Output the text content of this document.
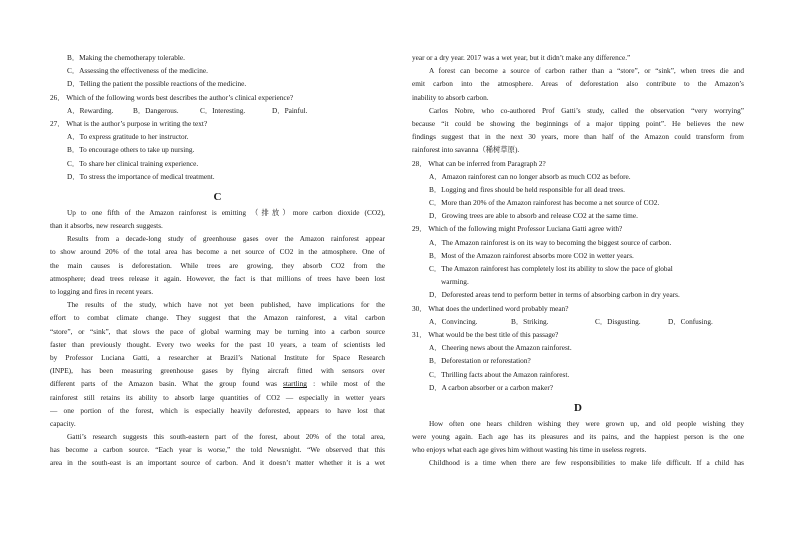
B．Making the chemotherapy tolerable.
C．Assessing the effectiveness of the medicine.
D．Telling the patient the possible reactions of the medicine.
26． Which of the following words best describes the author’s clinical experience?
A．Rewarding.	B．Dangerous.	C．Interesting.	D．Painful.
27． What is the author’s purpose in writing the text?
A．To express gratitude to her instructor.
B．To encourage others to take up nursing.
C．To share her clinical training experience.
D．To stress the importance of medical treatment.
C
Up to one fifth of the Amazon rainforest is emitting （排放）more carbon dioxide (CO2),
than it absorbs, new research suggests.
Results from a decade-long study of greenhouse gases over the Amazon rainforest appear
to show around 20% of the total area has become a net source of CO2 in the atmosphere. One of
the main causes is deforestation. While trees are growing, they absorb CO2 from the
atmosphere; dead trees release it again. However, the fact is that millions of trees have been lost
to logging and fires in recent years.
The results of the study, which have not yet been published, have implications for the
effort to combat climate change. They suggest that the Amazon rainforest, a vital carbon
“store”, or “sink”, that slows the pace of global warming may be turning into a carbon source
faster than previously thought. Every two weeks for the past 10 years, a team of scientists led
by Professor Luciana Gatti, a researcher at Brazil’s National Institute for Space Research
(INPE), has been measuring greenhouse gases by flying aircraft fitted with sensors over
different parts of the Amazon basin. What the group found was startling : while most of the
rainforest still retains its ability to absorb large quantities of CO2 — especially in wetter years
— one portion of the forest, which is especially heavily deforested, appears to have lost that
capacity.
Gatti’s research suggests this south-eastern part of the forest, about 20% of the total area,
has become a carbon source. “Each year is worse,” the told Newsnight. “We observed that this
area in the south-east is an important source of carbon. And it doesn’t matter whether it is a wet
year or a dry year. 2017 was a wet year, but it didn’t make any difference.”
A forest can become a source of carbon rather than a “store”, or “sink”, when trees die and
emit carbon into the atmosphere. Areas of deforestation also contribute to the Amazon’s
inability to absorb carbon.
Carlos Nobre, who co-authored Prof Gatti’s study, called the observation “very worrying”
because “it could be showing the beginnings of a major tipping point”. He believes the new
findings suggest that in the next 30 years, more than half of the Amazon could transform from
rainforest into savanna（稀树草原).
28． What can be inferred from Paragraph 2?
A．Amazon rainforest can no longer absorb as much CO2 as before.
B．Logging and fires should be held responsible for all dead trees.
C．More than 20% of the Amazon rainforest has become a net source of CO2.
D．Growing trees are able to absorb and release CO2 at the same time.
29． Which of the following might Professor Luciana Gatti agree with?
A．The Amazon rainforest is on its way to becoming the biggest source of carbon.
B．Most of the Amazon rainforest absorbs more CO2 in wetter years.
C．The Amazon rainforest has completely lost its ability to slow the pace of global
warming.
D．Deforested areas tend to perform better in terms of absorbing carbon in dry years.
30． What does the underlined word probably mean?
A．Convincing.	B．Striking.	C．Disgusting.	D．Confusing.
31． What would be the best title of this passage?
A．Cheering news about the Amazon rainforest.
B．Deforestation or reforestation?
C．Thrilling facts about the Amazon rainforest.
D．A carbon absorber or a carbon maker?
D
How often one hears children wishing they were grown up, and old people wishing they
were young again. Each age has its pleasures and its pains, and the happiest person is the one
who enjoys what each age gives him without wasting his time in useless regrets.
Childhood is a time when there are few responsibilities to make life difficult. If a child has
